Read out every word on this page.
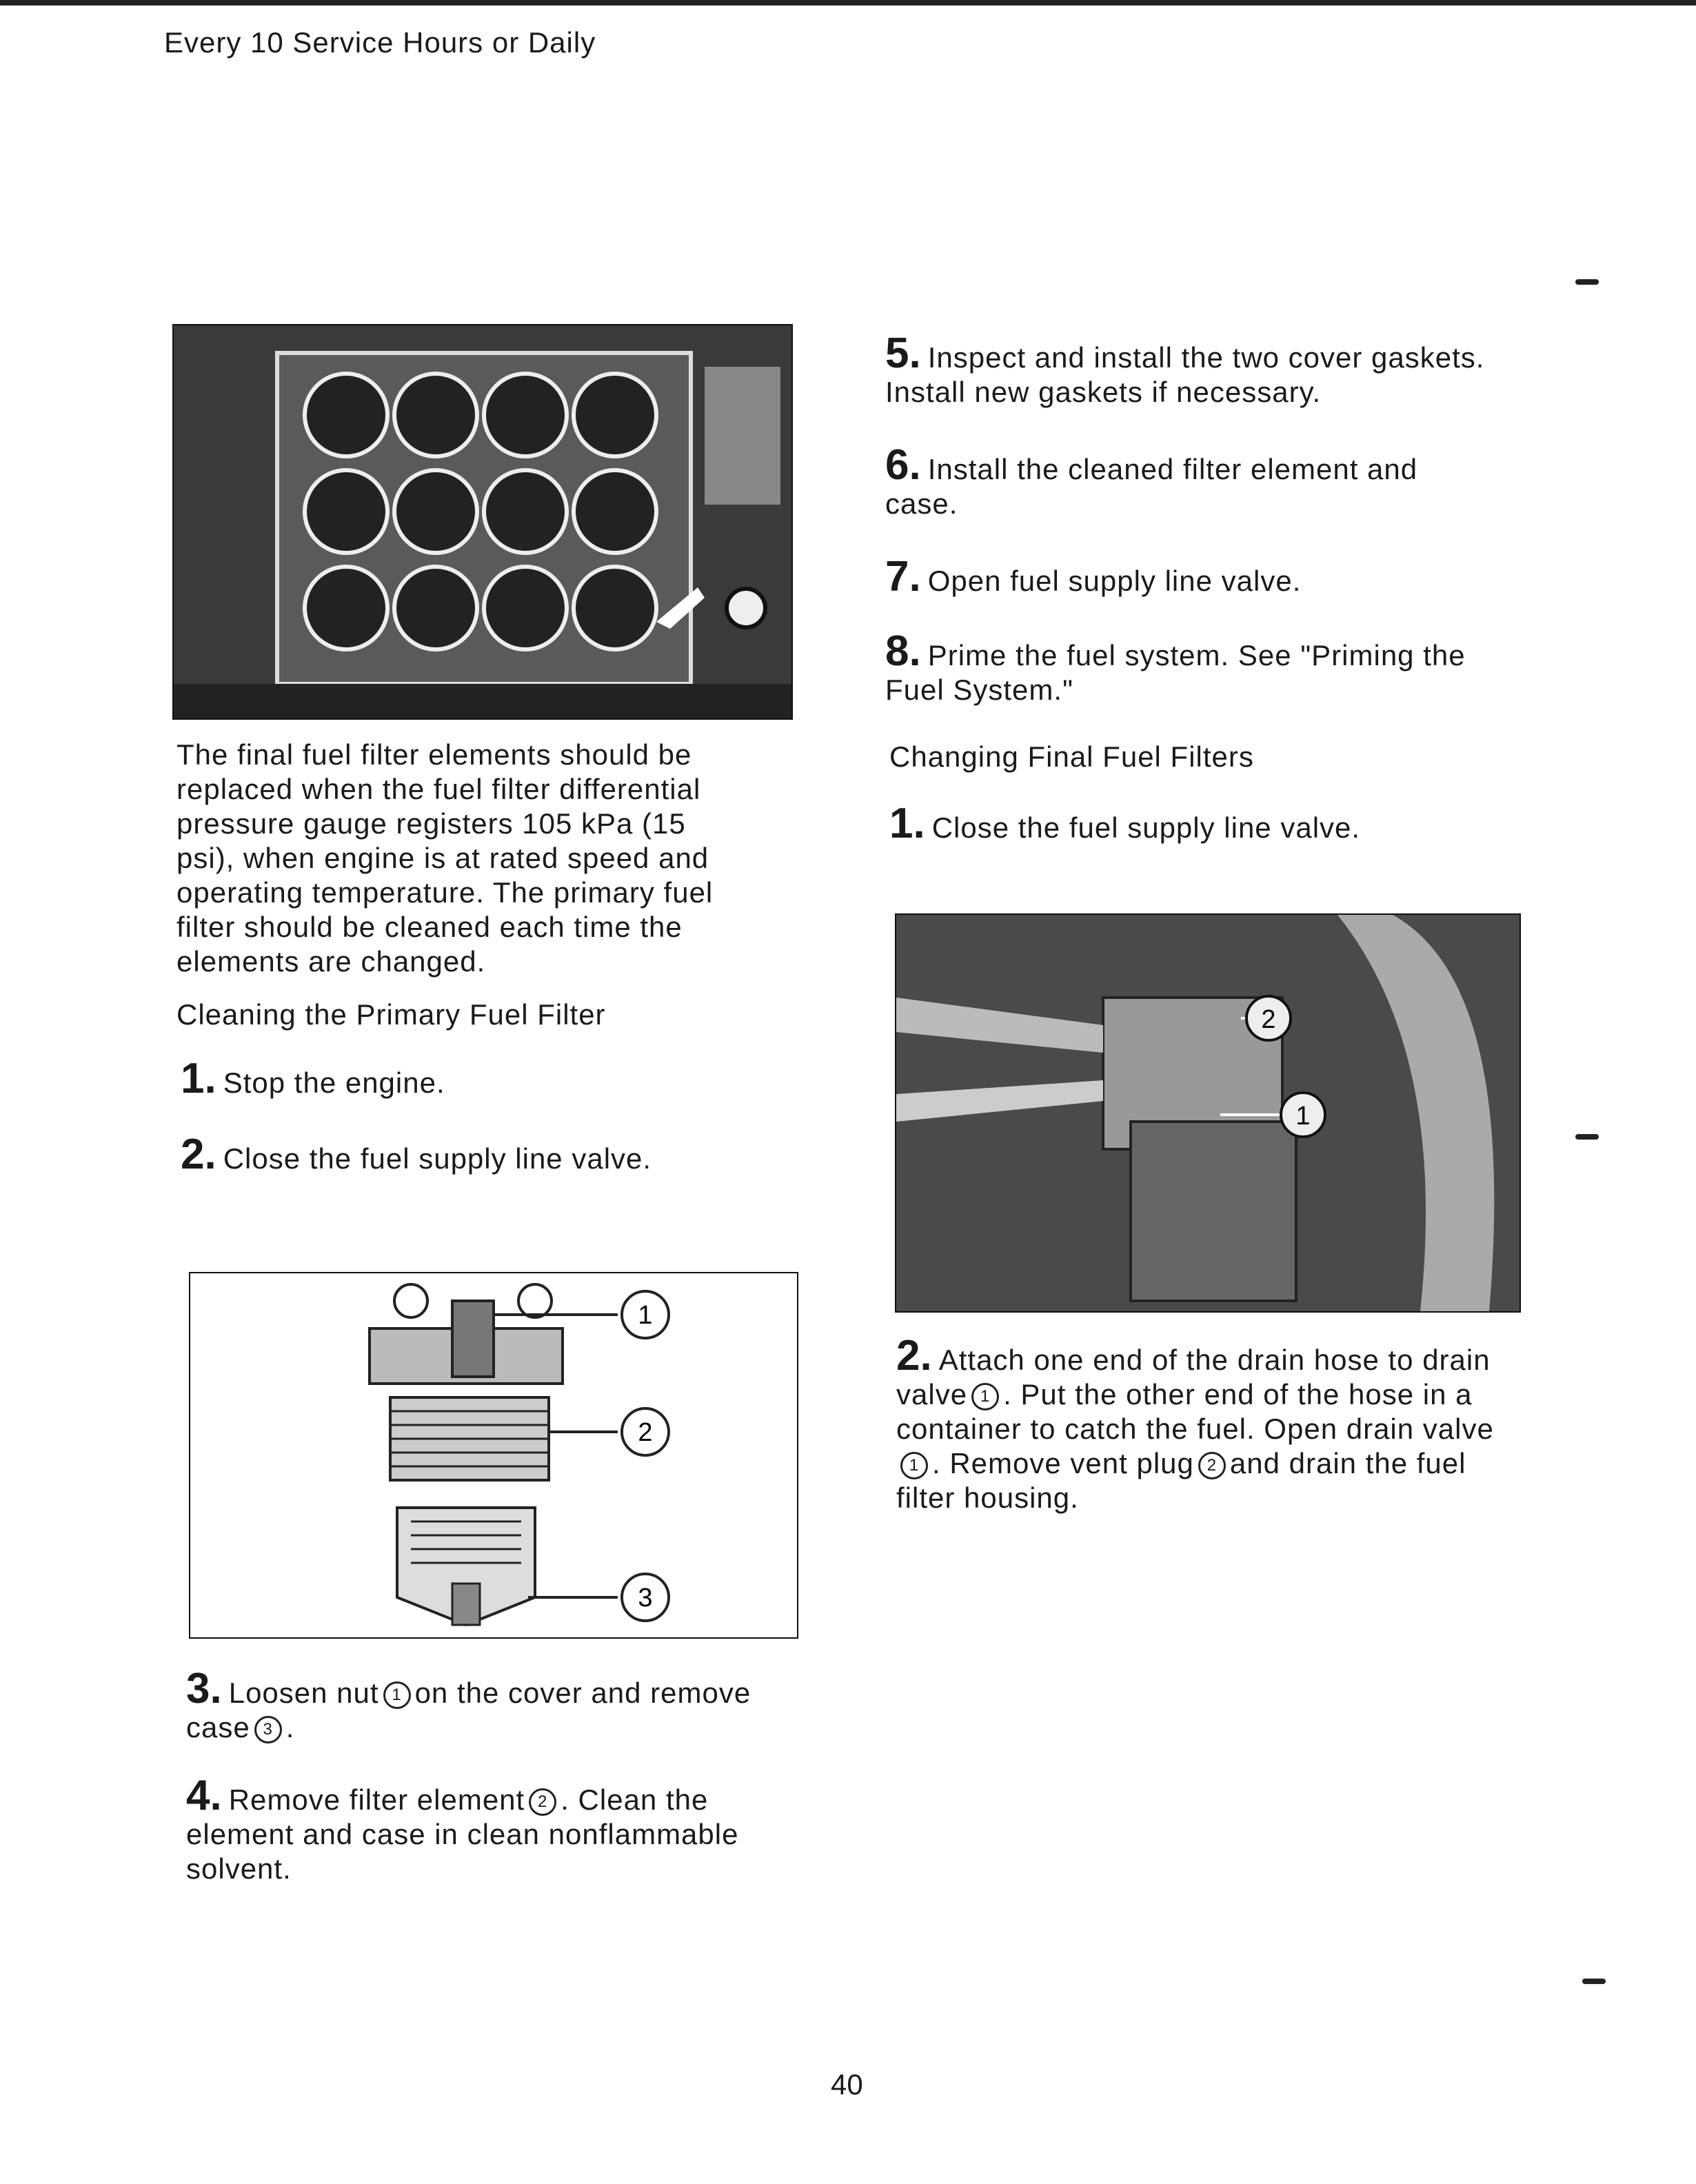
Every 10 Service Hours or Daily
The final fuel filter elements should be replaced when the fuel filter differential pressure gauge registers 105 kPa (15 psi), when engine is at rated speed and operating temperature. The primary fuel filter should be cleaned each time the elements are changed.
Cleaning the Primary Fuel Filter
1. Stop the engine.
2. Close the fuel supply line valve.
1
2
3
3. Loosen nut 1 on the cover and remove case 3 .
4. Remove filter element 2 . Clean the element and case in clean nonflammable solvent.
5. Inspect and install the two cover gaskets. Install new gaskets if necessary.
6. Install the cleaned filter element and case.
7. Open fuel supply line valve.
8. Prime the fuel system. See "Priming the Fuel System."
Changing Final Fuel Filters
1. Close the fuel supply line valve.
2
1
2. Attach one end of the drain hose to drain valve 1 . Put the other end of the hose in a container to catch the fuel. Open drain valve1 . Remove vent plug 2 and drain the fuel filter housing.
40
